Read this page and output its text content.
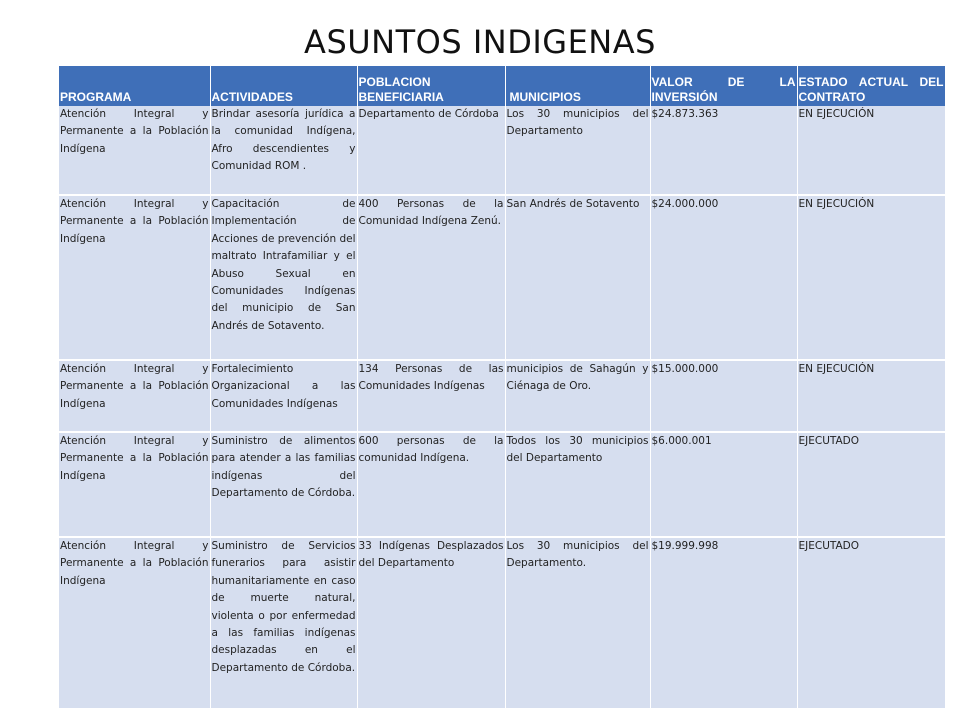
ASUNTOS INDIGENAS
PROGRAMA	ACTIVIDADES	POBLACION BENEFICIARIA	MUNICIPIOS	VALOR DE LA INVERSIÓN	ESTADO ACTUAL DEL CONTRATO
Atención Integral y Permanente a la Población Indígena	Brindar asesoría jurídica a la comunidad Indígena, Afro descendientes y Comunidad ROM .	Departamento de Córdoba	Los 30 municipios del Departamento	$24.873.363	EN EJECUCIÓN
Atención Integral y Permanente a la Población Indígena	Capacitación de Implementación de Acciones de prevención del maltrato Intrafamiliar y el Abuso Sexual en Comunidades Indígenas del municipio de San Andrés de Sotavento.	400 Personas de la Comunidad Indígena Zenú.	San Andrés de Sotavento	$24.000.000	EN EJECUCIÓN
Atención Integral y Permanente a la Población Indígena	Fortalecimiento Organizacional a las Comunidades Indígenas	134 Personas de las Comunidades Indígenas	municipios de Sahagún y Ciénaga de Oro.	$15.000.000	EN EJECUCIÓN
Atención Integral y Permanente a la Población Indígena	Suministro de alimentos para atender a las familias indígenas del Departamento de Córdoba.	600 personas de la comunidad Indígena.	Todos los 30 municipios del Departamento	$6.000.001	EJECUTADO
Atención Integral y Permanente a la Población Indígena	Suministro de Servicios funerarios para asistir humanitariamente en caso de muerte natural, violenta o por enfermedad a las familias indígenas desplazadas en el Departamento de Córdoba.	33 Indígenas Desplazados del Departamento	Los 30 municipios del Departamento.	$19.999.998	EJECUTADO
